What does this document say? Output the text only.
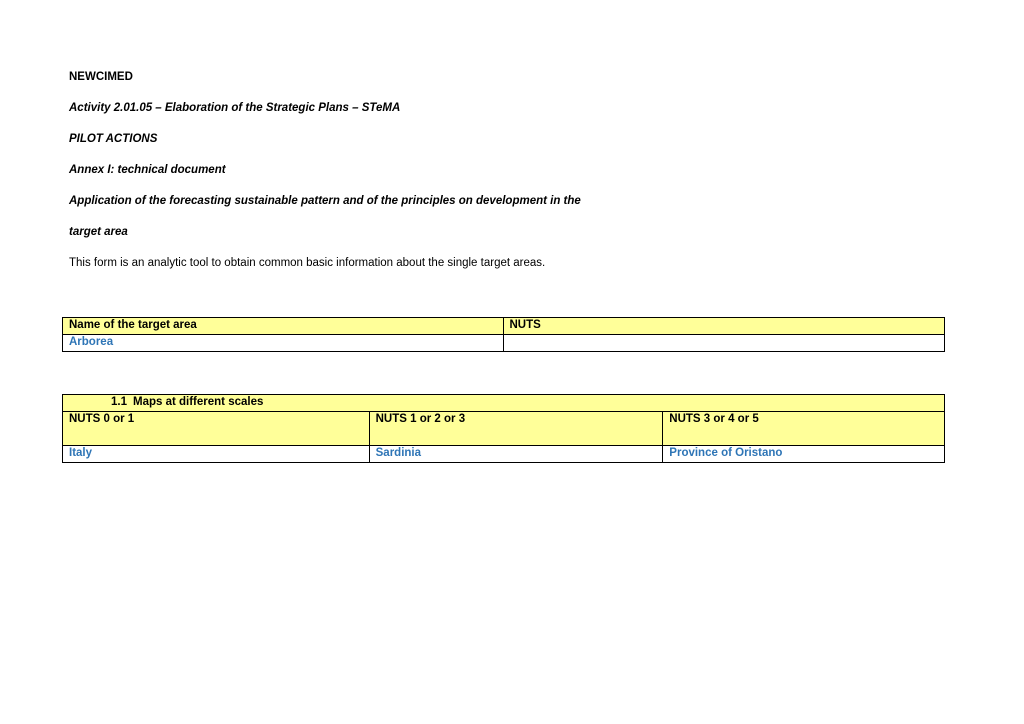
NEWCIMED
Activity 2.01.05 – Elaboration of the Strategic Plans – STeMA
PILOT ACTIONS
Annex I: technical document
Application of the forecasting sustainable pattern and of the principles on development in the
target area
This form is an analytic tool to obtain common basic information about the single target areas.
Name of the target area	NUTS
Arborea	
1.1 Maps at different scales		
NUTS 0 or 1	NUTS 1 or 2 or 3	NUTS 3 or 4 or 5
Italy	Sardinia	Province of Oristano
